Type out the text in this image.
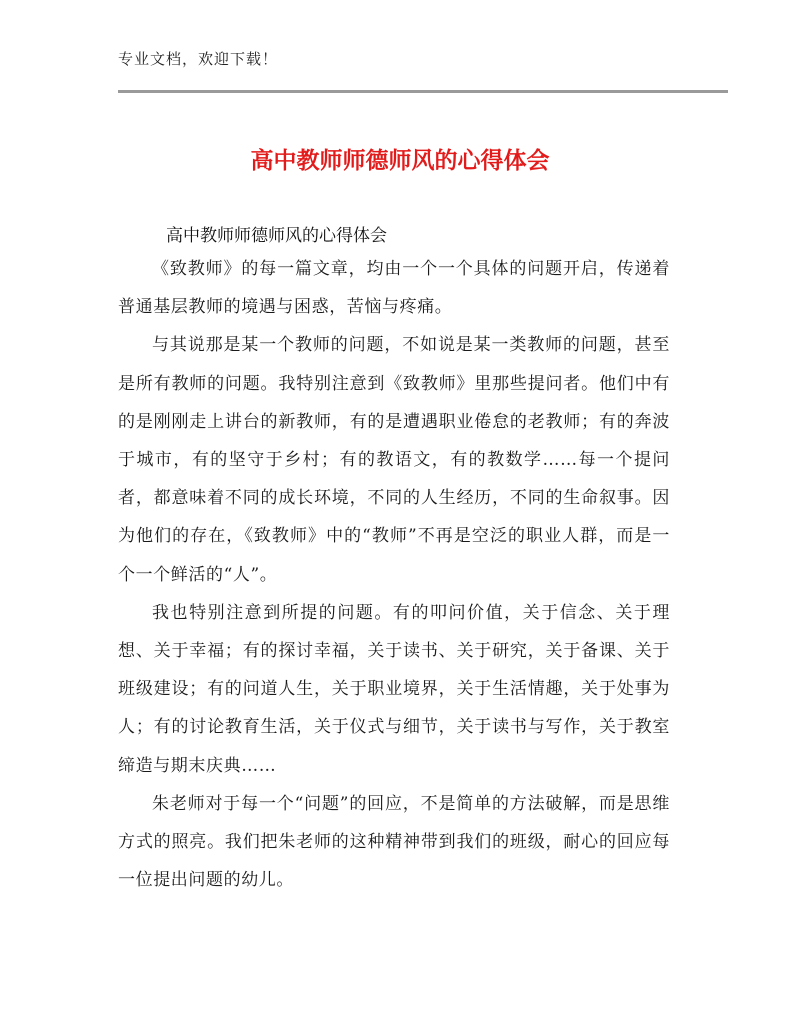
专业文档，欢迎下载！
高中教师师德师风的心得体会
高中教师师德师风的心得体会

《致教师》的每一篇文章，均由一个一个具体的问题开启，传递着普通基层教师的境遇与困惑，苦恼与疼痛。

与其说那是某一个教师的问题，不如说是某一类教师的问题，甚至是所有教师的问题。我特别注意到《致教师》里那些提问者。他们中有的是刚刚走上讲台的新教师，有的是遭遇职业倦怠的老教师；有的奔波于城市，有的坚守于乡村；有的教语文，有的教数学……每一个提问者，都意味着不同的成长环境，不同的人生经历，不同的生命叙事。因为他们的存在，《致教师》中的“教师”不再是空泛的职业人群，而是一个一个鲜活的“人”。

我也特别注意到所提的问题。有的叩问价值，关于信念、关于理想、关于幸福；有的探讨幸福，关于读书、关于研究，关于备课、关于班级建设；有的问道人生，关于职业境界，关于生活情趣，关于处事为人；有的讨论教育生活，关于仪式与细节，关于读书与写作，关于教室缔造与期末庆典……

朱老师对于每一个“问题”的回应，不是简单的方法破解，而是思维方式的照亮。我们把朱老师的这种精神带到我们的班级，耐心的回应每一位提出问题的幼儿。
